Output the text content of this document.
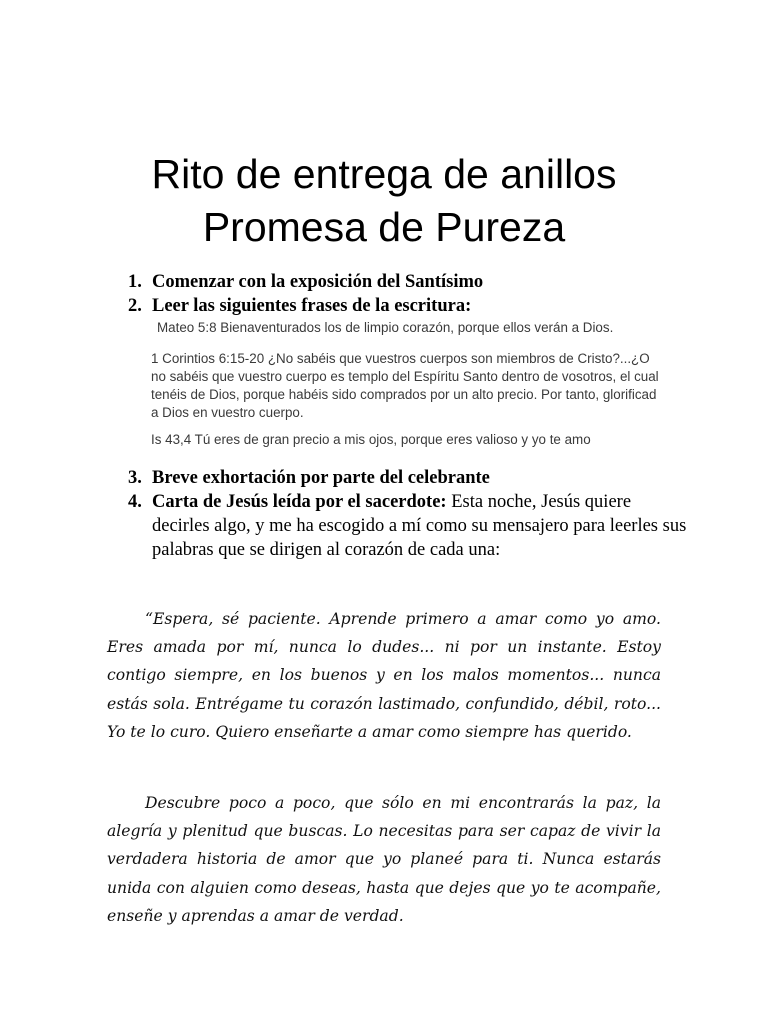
Rito de entrega de anillos
Promesa de Pureza
1. Comenzar con la exposición del Santísimo
2. Leer las siguientes frases de la escritura:

Mateo 5:8 Bienaventurados los de limpio corazón, porque ellos verán a Dios.

1 Corintios 6:15-20 ¿No sabéis que vuestros cuerpos son miembros de Cristo?...¿O no sabéis que vuestro cuerpo es templo del Espíritu Santo dentro de vosotros, el cual tenéis de Dios, porque habéis sido comprados por un alto precio. Por tanto, glorificad a Dios en vuestro cuerpo.

Is 43,4 Tú eres de gran precio a mis ojos, porque eres valioso y yo te amo

3. Breve exhortación por parte del celebrante
4. Carta de Jesús leída por el sacerdote: Esta noche, Jesús quiere decirles algo, y me ha escogido a mí como su mensajero para leerles sus palabras que se dirigen al corazón de cada una:

“Espera, sé paciente. Aprende primero a amar como yo amo. Eres amada por mí, nunca lo dudes... ni por un instante. Estoy contigo siempre, en los buenos y en los malos momentos... nunca estás sola. Entrégame tu corazón lastimado, confundido, débil, roto... Yo te lo curo. Quiero enseñarte a amar como siempre has querido.

Descubre poco a poco, que sólo en mi encontrarás la paz, la alegría y plenitud que buscas. Lo necesitas para ser capaz de vivir la verdadera historia de amor que yo planeé para ti. Nunca estarás unida con alguien como deseas, hasta que dejes que yo te acompañe, enseñe y aprendas a amar de verdad.
